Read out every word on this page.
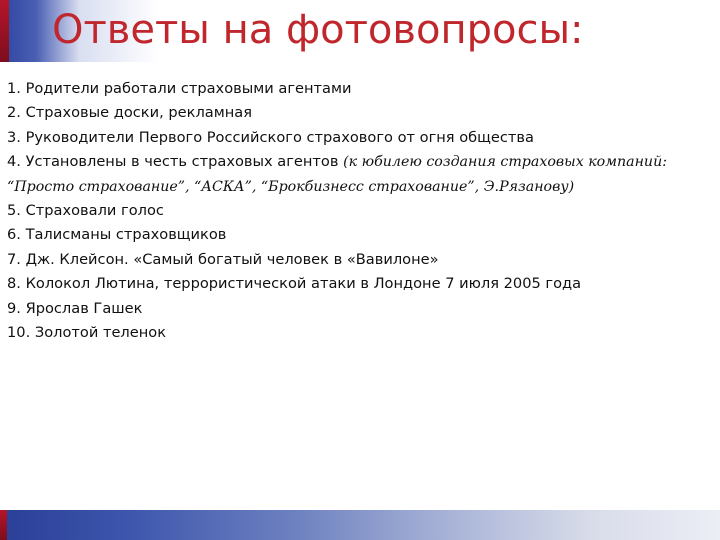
Ответы на фотовопросы:
1. Родители работали страховыми агентами
2. Страховые доски, рекламная
3. Руководители Первого Российского страхового от огня общества
4. Установлены в честь страховых агентов (к юбилею создания страховых компаний: “Просто страхование”, “АСКА”, “Брокбизнесс страхование”, Э.Рязанову)
5. Страховали голос
6. Талисманы страховщиков
7. Дж. Клейсон. «Самый богатый человек в «Вавилоне»
8. Колокол Лютина, террористической атаки в Лондоне 7 июля 2005 года
9. Ярослав Гашек
10. Золотой теленок
